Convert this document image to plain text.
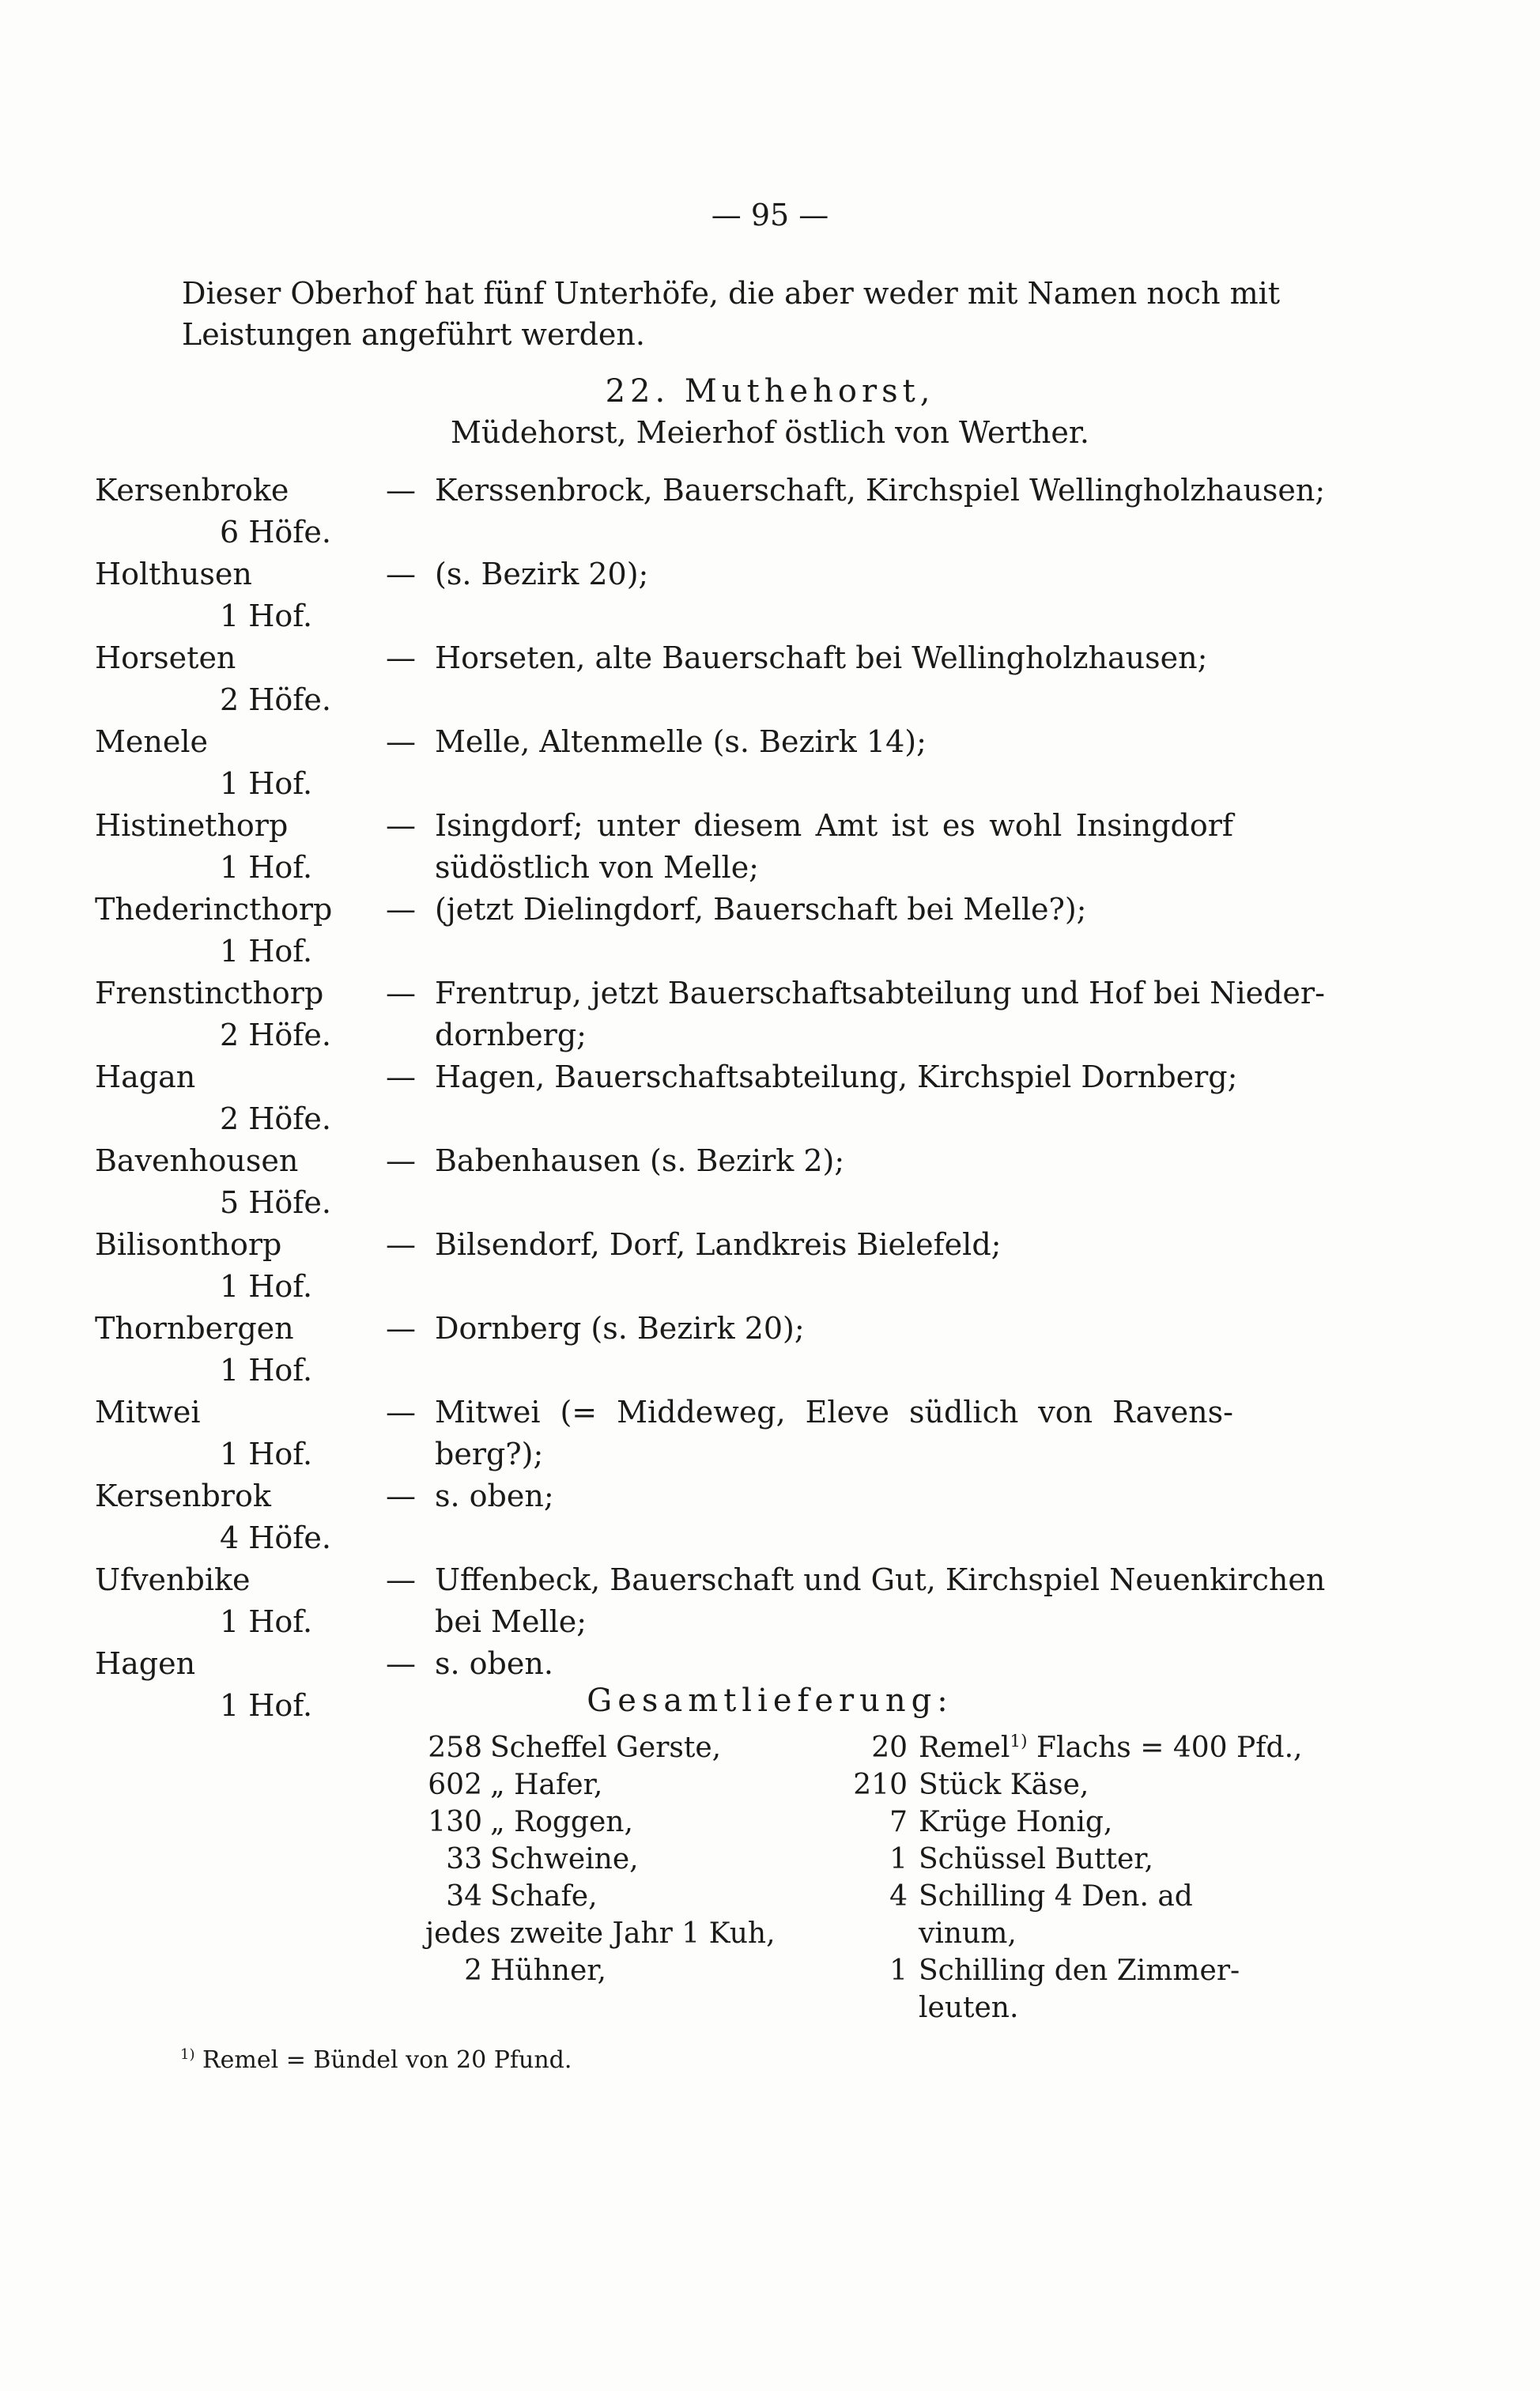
— 95 —
Dieser Oberhof hat fünf Unterhöfe, die aber weder mit Namen noch mit
Leistungen angeführt werden.
22. Muthehorst,
Müdehorst, Meierhof östlich von Werther.
Kersenbroke
6 Höfe.
— Kerssenbrock, Bauerschaft, Kirchspiel Wellingholzhausen;
Holthusen
1 Hof.
— (s. Bezirk 20);
Horseten
2 Höfe.
— Horseten, alte Bauerschaft bei Wellingholzhausen;
Menele
1 Hof.
— Melle, Altenmelle (s. Bezirk 14);
Histinethorp
1 Hof.
— Isingdorf; unter diesem Amt ist es wohl Insingdorf
südöstlich von Melle;
Thederincthorp
1 Hof.
— (jetzt Dielingdorf, Bauerschaft bei Melle?);
Frenstincthorp
2 Höfe.
— Frentrup, jetzt Bauerschaftsabteilung und Hof bei Nieder-
dornberg;
Hagan
2 Höfe.
— Hagen, Bauerschaftsabteilung, Kirchspiel Dornberg;
Bavenhousen
5 Höfe.
— Babenhausen (s. Bezirk 2);
Bilisonthorp
1 Hof.
— Bilsendorf, Dorf, Landkreis Bielefeld;
Thornbergen
1 Hof.
— Dornberg (s. Bezirk 20);
Mitwei
1 Hof.
— Mitwei (= Middeweg, Eleve südlich von Ravens-
berg?);
Kersenbrok
4 Höfe.
— s. oben;
Ufvenbike
1 Hof.
— Uffenbeck, Bauerschaft und Gut, Kirchspiel Neuenkirchen
bei Melle;
Hagen
1 Hof.
— s. oben.
Gesamtlieferung:
258 Scheffel Gerste,
602 „ Hafer,
130 „ Roggen,
33 Schweine,
34 Schafe,
jedes zweite Jahr 1 Kuh,
2 Hühner,
20 Remel$^{1)}$ Flachs = 400 Pfd.,
210 Stück Käse,
7 Krüge Honig,
1 Schüssel Butter,
4 Schilling 4 Den. ad
vinum,
1 Schilling den Zimmer-
leuten.
$^{1)}$ Remel = Bündel von 20 Pfund.
